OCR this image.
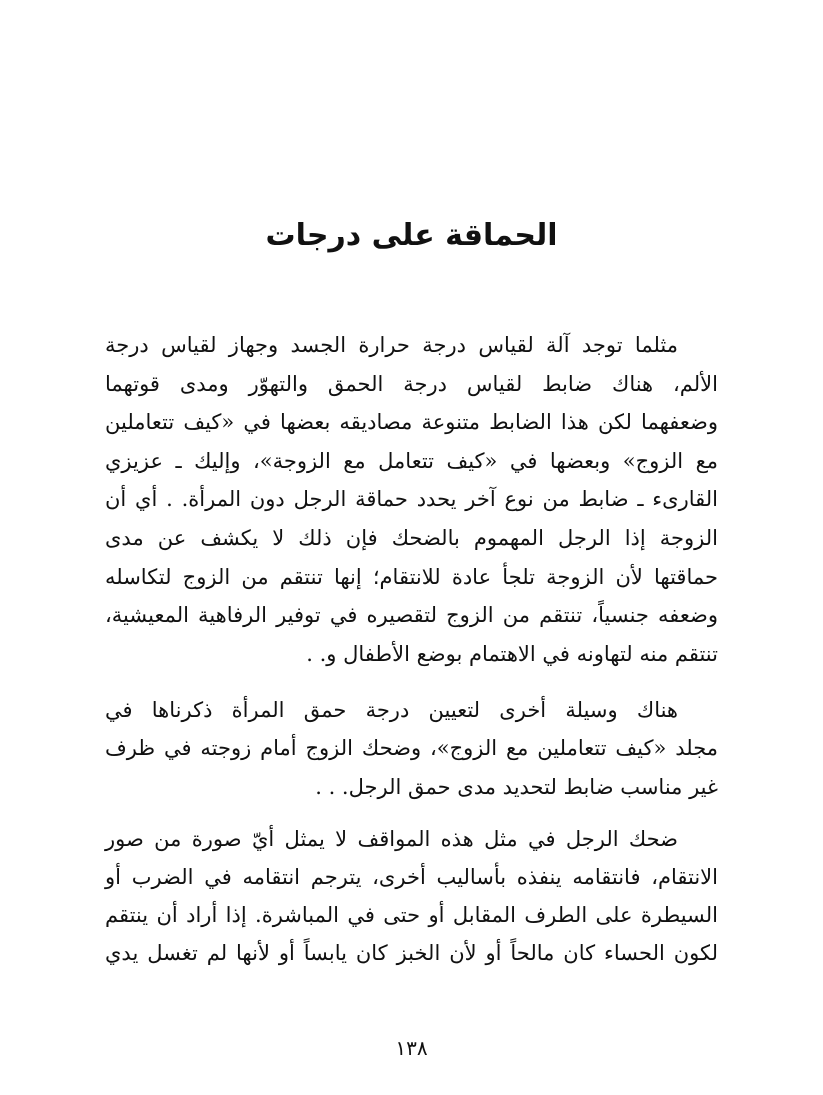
الحماقة على درجات
مثلما توجد آلة لقياس درجة حرارة الجسد وجهاز لقياس درجة
الألم، هناك ضابط لقياس درجة الحمق والتهوّر ومدى قوتهما
وضعفهما لكن هذا الضابط متنوعة مصاديقه بعضها في «كيف تتعاملين
مع الزوج» وبعضها في «كيف تتعامل مع الزوجة»، وإليك ـ عزيزي
القارىء ـ ضابط من نوع آخر يحدد حماقة الرجل دون المرأة. . أي أن
الزوجة إذا الرجل المهموم بالضحك فإن ذلك لا يكشف عن مدى
حماقتها لأن الزوجة تلجأ عادة للانتقام؛ إنها تنتقم من الزوج لتكاسله
وضعفه جنسياً، تنتقم من الزوج لتقصيره في توفير الرفاهية المعيشية،
تنتقم منه لتهاونه في الاهتمام بوضع الأطفال و. .
هناك وسيلة أخرى لتعيين درجة حمق المرأة ذكرناها في
مجلد «كيف تتعاملين مع الزوج»، وضحك الزوج أمام زوجته في ظرف
غير مناسب ضابط لتحديد مدى حمق الرجل. . .
ضحك الرجل في مثل هذه المواقف لا يمثل أيّ صورة من صور
الانتقام، فانتقامه ينفذه بأساليب أخرى، يترجم انتقامه في الضرب أو
السيطرة على الطرف المقابل أو حتى في المباشرة. إذا أراد أن ينتقم
لكون الحساء كان مالحاً أو لأن الخبز كان يابساً أو لأنها لم تغسل يدي
١٣٨
